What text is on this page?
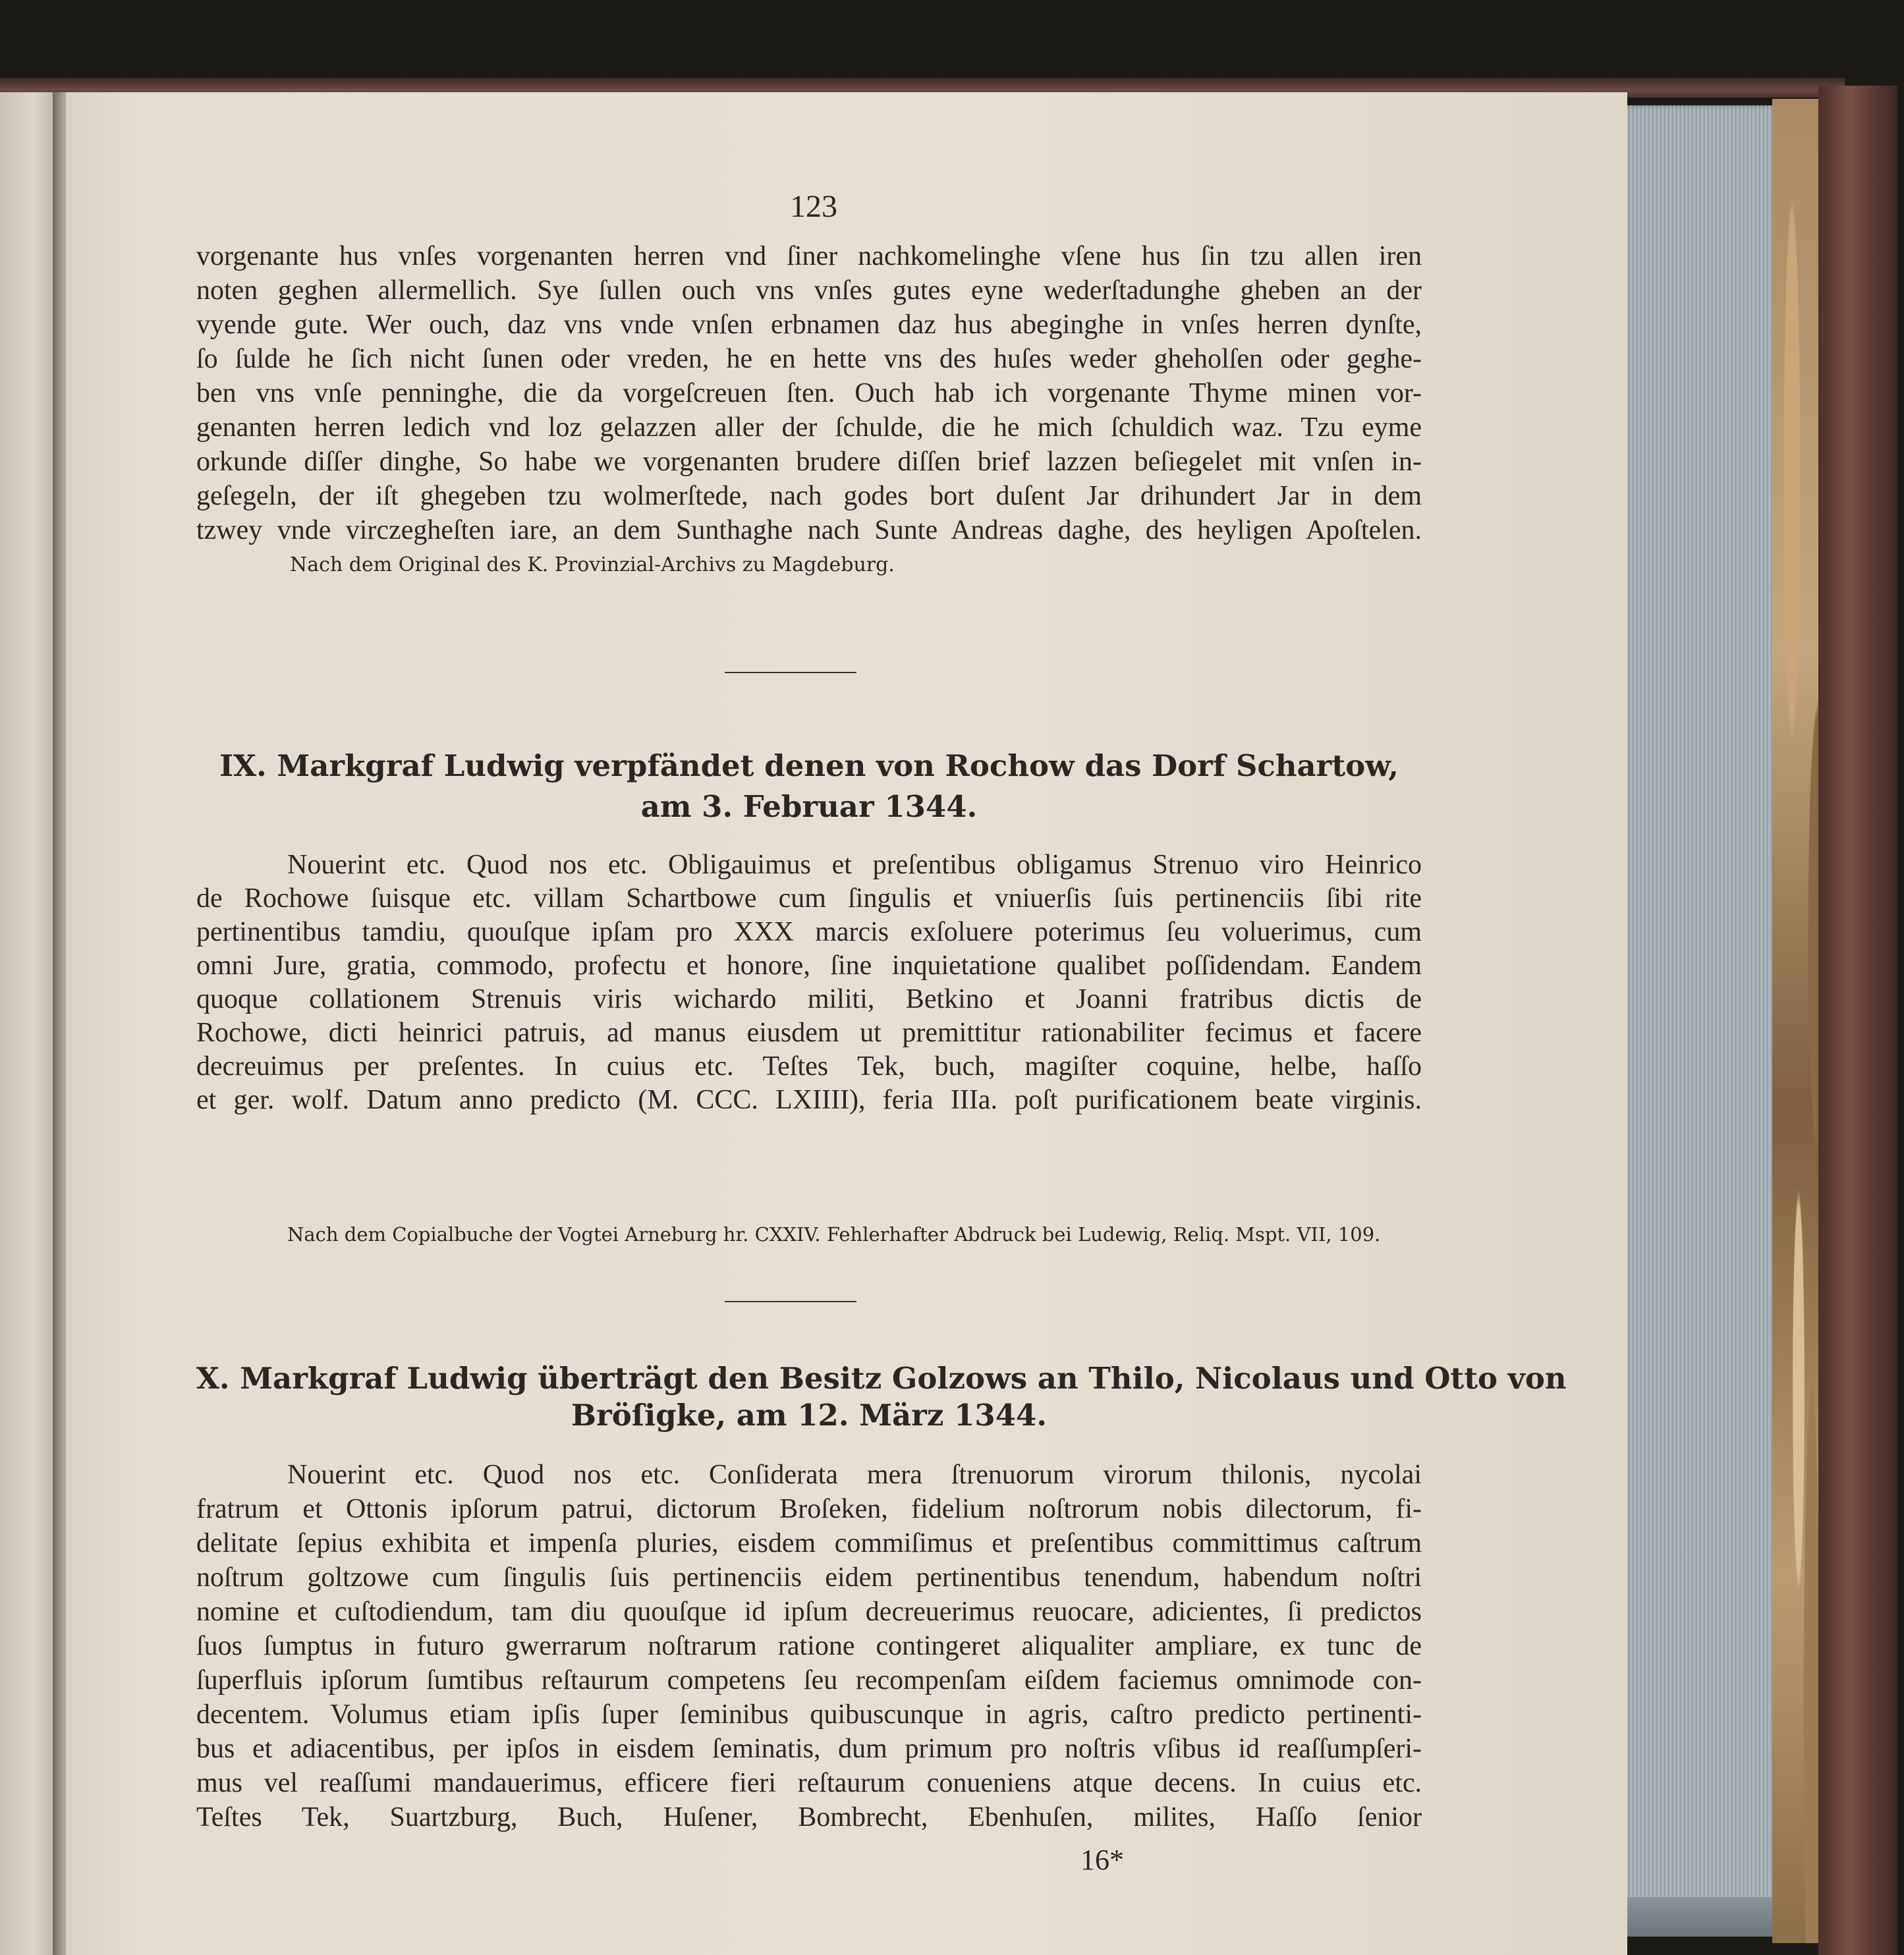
123
vorgenante hus vnſes vorgenanten herren vnd ſiner nachkomelinghe vſene hus ſin tzu allen iren
noten geghen allermellich. Sye ſullen ouch vns vnſes gutes eyne wederſtadunghe gheben an der
vyende gute. Wer ouch, daz vns vnde vnſen erbnamen daz hus abeginghe in vnſes herren dynſte,
ſo ſulde he ſich nicht ſunen oder vreden, he en hette vns des huſes weder gheholſen oder geghe-
ben vns vnſe penninghe, die da vorgeſcreuen ſten. Ouch hab ich vorgenante Thyme minen vor-
genanten herren ledich vnd loz gelazzen aller der ſchulde, die he mich ſchuldich waz. Tzu eyme
orkunde diſſer dinghe, So habe we vorgenanten brudere diſſen brief lazzen beſiegelet mit vnſen in-
geſegeln, der iſt ghegeben tzu wolmerſtede, nach godes bort duſent Jar drihundert Jar in dem
tzwey vnde virczegheſten iare, an dem Sunthaghe nach Sunte Andreas daghe, des heyligen Apoſtelen.
Nach dem Original des K. Provinzial-Archivs zu Magdeburg.
IX. Markgraf Ludwig verpfändet denen von Rochow das Dorf Schartow,
am 3. Februar 1344.
Nouerint etc. Quod nos etc. Obligauimus et preſentibus obligamus Strenuo viro Heinrico
de Rochowe ſuisque etc. villam Schartbowe cum ſingulis et vniuerſis ſuis pertinenciis ſibi rite
pertinentibus tamdiu, quouſque ipſam pro XXX marcis exſoluere poterimus ſeu voluerimus, cum
omni Jure, gratia, commodo, profectu et honore, ſine inquietatione qualibet poſſidendam. Eandem
quoque collationem Strenuis viris wichardo militi, Betkino et Joanni fratribus dictis de
Rochowe, dicti heinrici patruis, ad manus eiusdem ut premittitur rationabiliter fecimus et facere
decreuimus per preſentes. In cuius etc. Teſtes Tek, buch, magiſter coquine, helbe, haſſo
et ger. wolf. Datum anno predicto (M. CCC. LXIIII), feria IIIa. poſt purificationem beate virginis.
Nach dem Copialbuche der Vogtei Arneburg hr. CXXIV. Fehlerhafter Abdruck bei Ludewig, Reliq. Mspt. VII, 109.
X. Markgraf Ludwig überträgt den Besitz Golzows an Thilo, Nicolaus und Otto von
Bröſigke, am 12. März 1344.
Nouerint etc. Quod nos etc. Conſiderata mera ſtrenuorum virorum thilonis, nycolai
fratrum et Ottonis ipſorum patrui, dictorum Broſeken, fidelium noſtrorum nobis dilectorum, fi-
delitate ſepius exhibita et impenſa pluries, eisdem commiſimus et preſentibus committimus caſtrum
noſtrum goltzowe cum ſingulis ſuis pertinenciis eidem pertinentibus tenendum, habendum noſtri
nomine et cuſtodiendum, tam diu quouſque id ipſum decreuerimus reuocare, adicientes, ſi predictos
ſuos ſumptus in futuro gwerrarum noſtrarum ratione contingeret aliqualiter ampliare, ex tunc de
ſuperfluis ipſorum ſumtibus reſtaurum competens ſeu recompenſam eiſdem faciemus omnimode con-
decentem. Volumus etiam ipſis ſuper ſeminibus quibuscunque in agris, caſtro predicto pertinenti-
bus et adiacentibus, per ipſos in eisdem ſeminatis, dum primum pro noſtris vſibus id reaſſumpſeri-
mus vel reaſſumi mandauerimus, efficere fieri reſtaurum conueniens atque decens. In cuius etc.
Teſtes Tek, Suartzburg, Buch, Huſener, Bombrecht, Ebenhuſen, milites, Haſſo ſenior
16*
